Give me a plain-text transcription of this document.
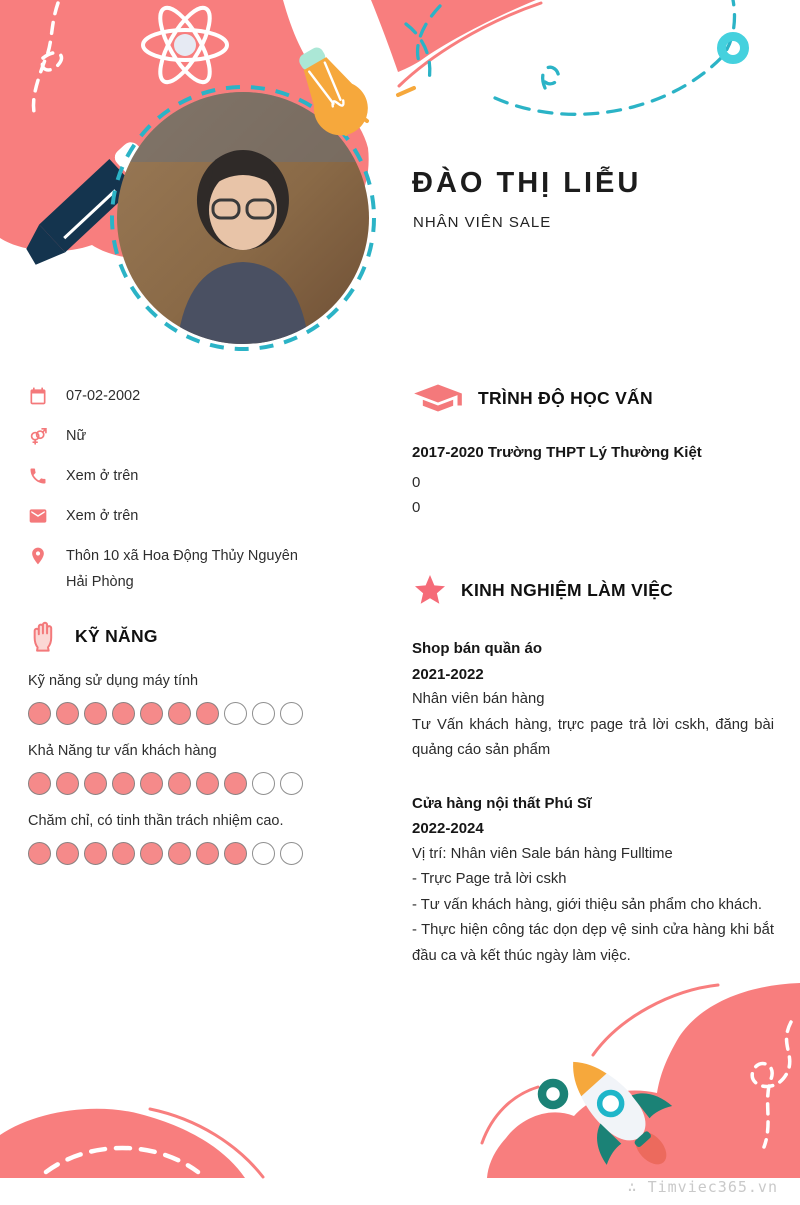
ĐÀO THỊ LIỄU
NHÂN VIÊN SALE
07-02-2002
Nữ
Xem ở trên
Xem ở trên
Thôn 10 xã Hoa Động Thủy Nguyên Hải Phòng
KỸ NĂNG
Kỹ năng sử dụng máy tính
Khả Năng tư vấn khách hàng
Chăm chỉ, có tinh thần trách nhiệm cao.
TRÌNH ĐỘ HỌC VẤN

2017-2020 Trường THPT Lý Thường Kiệt

0

0

KINH NGHIỆM LÀM VIỆC

Shop bán quần áo

2021-2022

Nhân viên bán hàng

Tư Vấn khách hàng, trực page trả lời cskh, đăng bài quảng cáo sản phẩm

Cửa hàng nội thất Phú Sĩ

2022-2024

Vị trí: Nhân viên Sale bán hàng Fulltime

- Trực Page trả lời cskh

- Tư vấn khách hàng, giới thiệu sản phẩm cho khách.

- Thực hiện công tác dọn dẹp vệ sinh cửa hàng khi bắt đầu ca và kết thúc ngày làm việc.

∴ Timviec365.vn
